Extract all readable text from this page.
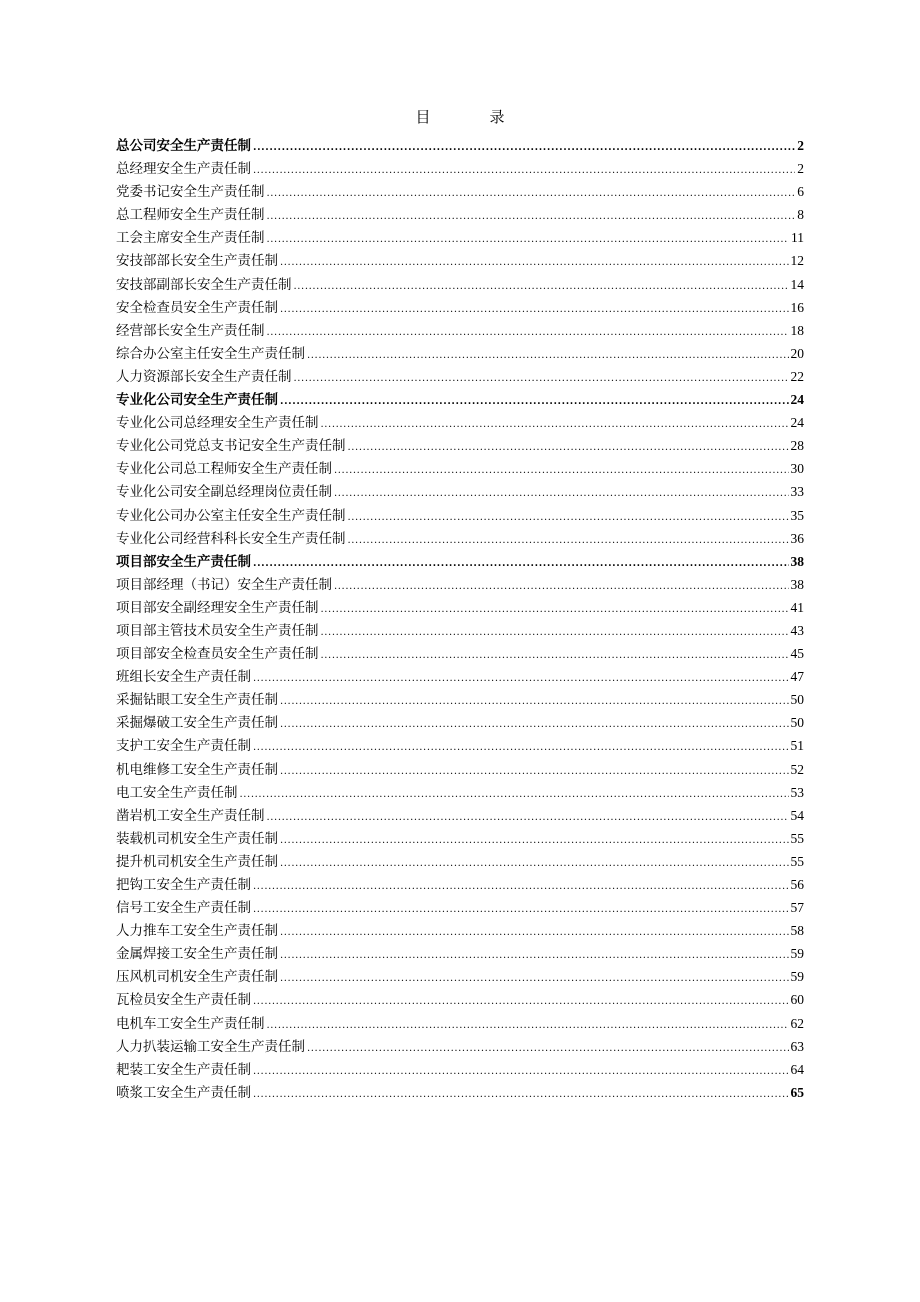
目　录
总公司安全生产责任制 .....	2
总经理安全生产责任制 .....	2
党委书记安全生产责任制 .....	6
总工程师安全生产责任制 .....	8
工会主席安全生产责任制 .....	11
安技部部长安全生产责任制 .....	12
安技部副部长安全生产责任制 .....	14
安全检查员安全生产责任制 .....	16
经营部长安全生产责任制 .....	18
综合办公室主任安全生产责任制 .....	20
人力资源部长安全生产责任制 .....	22
专业化公司安全生产责任制 .....	24
专业化公司总经理安全生产责任制 .....	24
专业化公司党总支书记安全生产责任制 .....	28
专业化公司总工程师安全生产责任制 .....	30
专业化公司安全副总经理岗位责任制 .....	33
专业化公司办公室主任安全生产责任制 .....	35
专业化公司经营科科长安全生产责任制 .....	36
项目部安全生产责任制 .....	38
项目部经理（书记）安全生产责任制 .....	38
项目部安全副经理安全生产责任制 .....	41
项目部主管技术员安全生产责任制 .....	43
项目部安全检查员安全生产责任制 .....	45
班组长安全生产责任制 .....	47
采掘钻眼工安全生产责任制 .....	50
采掘爆破工安全生产责任制 .....	50
支护工安全生产责任制 .....	51
机电维修工安全生产责任制 .....	52
电工安全生产责任制 .....	53
凿岩机工安全生产责任制 .....	54
装载机司机安全生产责任制 .....	55
提升机司机安全生产责任制 .....	55
把钩工安全生产责任制 .....	56
信号工安全生产责任制 .....	57
人力推车工安全生产责任制 .....	58
金属焊接工安全生产责任制 .....	59
压风机司机安全生产责任制 .....	59
瓦检员安全生产责任制 .....	60
电机车工安全生产责任制 .....	62
人力扒装运输工安全生产责任制 .....	63
耙装工安全生产责任制 .....	64
喷浆工安全生产责任制 .....	65
